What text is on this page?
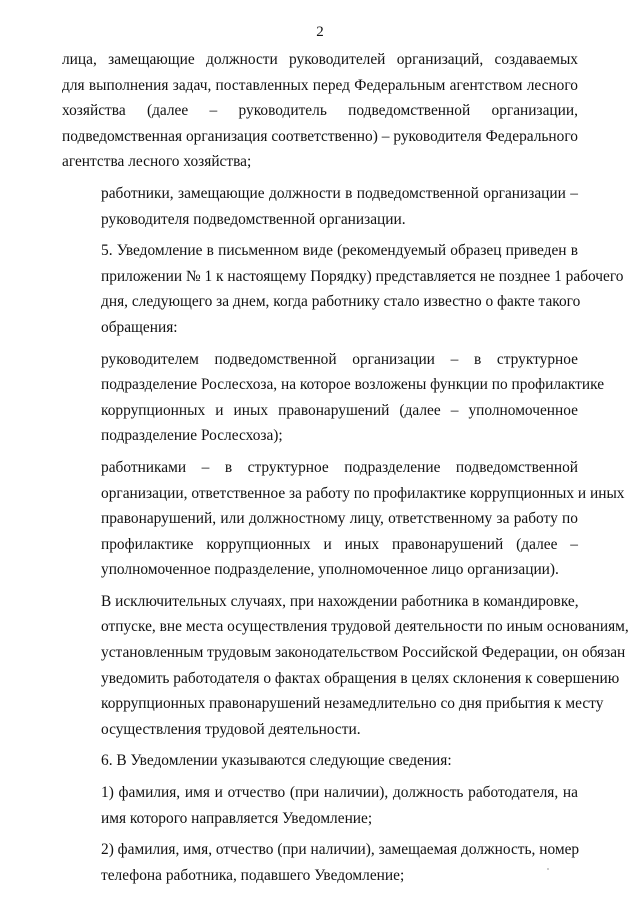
2

лица, замещающие должности руководителей организаций, создаваемых
для выполнения задач, поставленных перед Федеральным агентством лесного
хозяйства (далее – руководитель подведомственной организации,
подведомственная организация соответственно) – руководителя Федерального
агентства лесного хозяйства;

работники, замещающие должности в подведомственной организации –
руководителя подведомственной организации.

5. Уведомление в письменном виде (рекомендуемый образец приведен в
приложении № 1 к настоящему Порядку) представляется не позднее 1 рабочего
дня, следующего за днем, когда работнику стало известно о факте такого
обращения:

руководителем подведомственной организации – в структурное
подразделение Рослесхоза, на которое возложены функции по профилактике
коррупционных и иных правонарушений (далее – уполномоченное
подразделение Рослесхоза);

работниками – в структурное подразделение подведомственной
организации, ответственное за работу по профилактике коррупционных и иных
правонарушений, или должностному лицу, ответственному за работу по
профилактике коррупционных и иных правонарушений (далее –
уполномоченное подразделение, уполномоченное лицо организации).

В исключительных случаях, при нахождении работника в командировке,
отпуске, вне места осуществления трудовой деятельности по иным основаниям,
установленным трудовым законодательством Российской Федерации, он обязан
уведомить работодателя о фактах обращения в целях склонения к совершению
коррупционных правонарушений незамедлительно со дня прибытия к месту
осуществления трудовой деятельности.

6. В Уведомлении указываются следующие сведения:

1) фамилия, имя и отчество (при наличии), должность работодателя, на
имя которого направляется Уведомление;

2) фамилия, имя, отчество (при наличии), замещаемая должность, номер
телефона работника, подавшего Уведомление;
